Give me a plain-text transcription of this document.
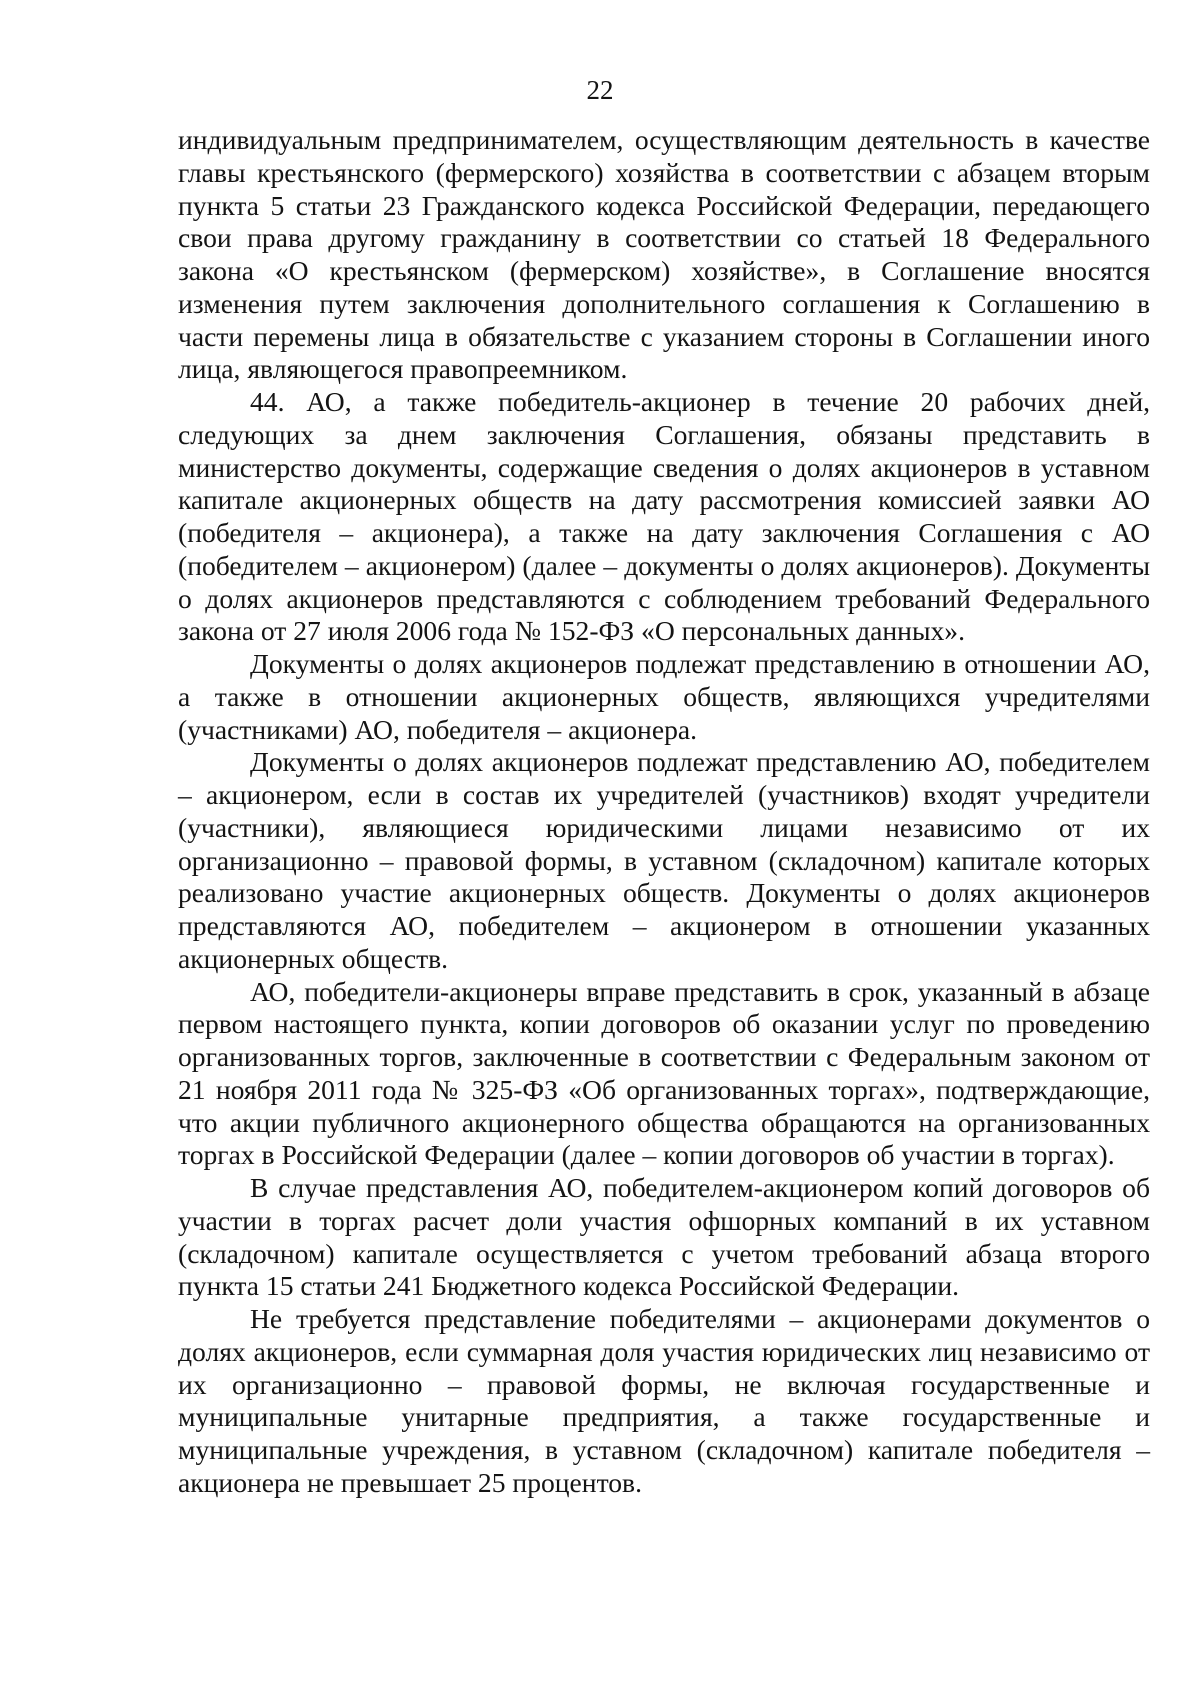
22

индивидуальным предпринимателем, осуществляющим деятельность в качестве главы крестьянского (фермерского) хозяйства в соответствии с абзацем вторым пункта 5 статьи 23 Гражданского кодекса Российской Федерации, передающего свои права другому гражданину в соответствии со статьей 18 Федерального закона «О крестьянском (фермерском) хозяйстве», в Соглашение вносятся изменения путем заключения дополнительного соглашения к Соглашению в части перемены лица в обязательстве с указанием стороны в Соглашении иного лица, являющегося правопреемником.

44. АО, а также победитель-акционер в течение 20 рабочих дней, следующих за днем заключения Соглашения, обязаны представить в министерство документы, содержащие сведения о долях акционеров в уставном капитале акционерных обществ на дату рассмотрения комиссией заявки АО (победителя – акционера), а также на дату заключения Соглашения с АО (победителем – акционером) (далее – документы о долях акционеров). Документы о долях акционеров представляются с соблюдением требований Федерального закона от 27 июля 2006 года № 152-ФЗ «О персональных данных».

Документы о долях акционеров подлежат представлению в отношении АО, а также в отношении акционерных обществ, являющихся учредителями (участниками) АО, победителя – акционера.

Документы о долях акционеров подлежат представлению АО, победителем – акционером, если в состав их учредителей (участников) входят учредители (участники), являющиеся юридическими лицами независимо от их организационно – правовой формы, в уставном (складочном) капитале которых реализовано участие акционерных обществ. Документы о долях акционеров представляются АО, победителем – акционером в отношении указанных акционерных обществ.

АО, победители-акционеры вправе представить в срок, указанный в абзаце первом настоящего пункта, копии договоров об оказании услуг по проведению организованных торгов, заключенные в соответствии с Федеральным законом от 21 ноября 2011 года № 325-ФЗ «Об организованных торгах», подтверждающие, что акции публичного акционерного общества обращаются на организованных торгах в Российской Федерации (далее – копии договоров об участии в торгах).

В случае представления АО, победителем-акционером копий договоров об участии в торгах расчет доли участия офшорных компаний в их уставном (складочном) капитале осуществляется с учетом требований абзаца второго пункта 15 статьи 241 Бюджетного кодекса Российской Федерации.

Не требуется представление победителями – акционерами документов о долях акционеров, если суммарная доля участия юридических лиц независимо от их организационно – правовой формы, не включая государственные и муниципальные унитарные предприятия, а также государственные и муниципальные учреждения, в уставном (складочном) капитале победителя – акционера не превышает 25 процентов.
